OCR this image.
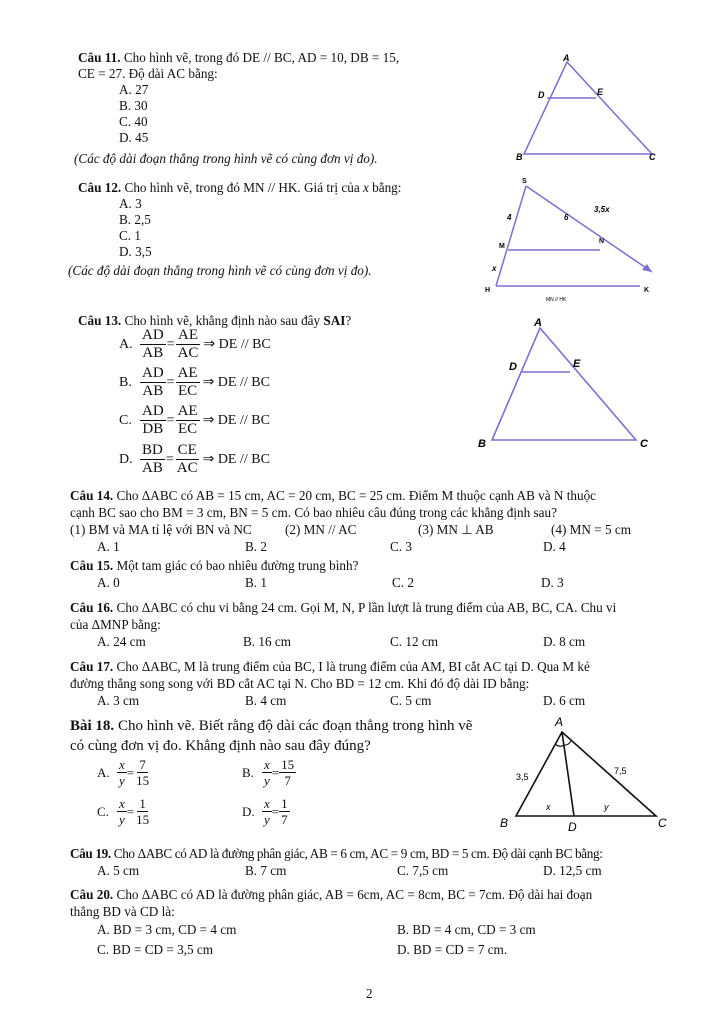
Câu 11. Cho hình vẽ, trong đó DE // BC, AD = 10, DB = 15,
CE = 27. Độ dài AC bằng:
A. 27
B. 30
C. 40
D. 45
(Các độ dài đoạn thẳng trong hình vẽ có cùng đơn vị đo).
A
D	E
B	C
Câu 12. Cho hình vẽ, trong đó MN // HK. Giá trị của x bằng:
A. 3
B. 2,5
C. 1
D. 3,5
(Các độ dài đoạn thẳng trong hình vẽ có cùng đơn vị đo).
S
4	6
3,5x
M
N
x
H	K
MN // HK
Câu 13. Cho hình vẽ, khẳng định nào sau đây SAI?
A. $\frac{AD}{AB} = \frac{AE}{AC}$ ⇒ DE // BC
B. $\frac{AD}{AB} = \frac{AE}{EC}$ ⇒ DE // BC
C. $\frac{AD}{DB} = \frac{AE}{EC}$ ⇒ DE // BC
D. $\frac{BD}{AB} = \frac{CE}{AC}$ ⇒ DE // BC
A
D	E
B	C
Câu 14. Cho ΔABC có AB = 15 cm, AC = 20 cm, BC = 25 cm. Điểm M thuộc cạnh AB và N thuộc
cạnh BC sao cho BM = 3 cm, BN = 5 cm. Có bao nhiêu câu đúng trong các khẳng định sau?
(1) BM và MA tỉ lệ với BN và NC	(2) MN // AC	(3) MN ⊥ AB	(4) MN = 5 cm
A. 1	B. 2	C. 3	D. 4
Câu 15. Một tam giác có bao nhiêu đường trung bình?
A. 0	B. 1	C. 2	D. 3
Câu 16. Cho ΔABC có chu vi bằng 24 cm. Gọi M, N, P lần lượt là trung điểm của AB, BC, CA. Chu vi
của ΔMNP bằng:
A. 24 cm	B. 16 cm	C. 12 cm	D. 8 cm
Câu 17. Cho ΔABC, M là trung điểm của BC, I là trung điểm của AM, BI cắt AC tại D. Qua M kẻ
đường thẳng song song với BD cắt AC tại N. Cho BD = 12 cm. Khi đó độ dài ID bằng:
A. 3 cm	B. 4 cm	C. 5 cm	D. 6 cm
Bài 18. Cho hình vẽ. Biết rằng độ dài các đoạn thẳng trong hình vẽ
có cùng đơn vị đo. Khẳng định nào sau đây đúng?
A. $\frac{x}{y} = \frac{7}{15}$	B. $\frac{x}{y} = \frac{15}{7}$
C. $\frac{x}{y} = \frac{1}{15}$	D. $\frac{x}{y} = \frac{1}{7}$
A
3,5
7,5
x	y
B	D	C
Câu 19. Cho ΔABC có AD là đường phân giác, AB = 6 cm, AC = 9 cm, BD = 5 cm. Độ dài cạnh BC bằng:
A. 5 cm	B. 7 cm	C. 7,5 cm	D. 12,5 cm
Câu 20. Cho ΔABC có AD là đường phân giác, AB = 6cm, AC = 8cm, BC = 7cm. Độ dài hai đoạn
thẳng BD và CD là:
A. BD = 3 cm, CD = 4 cm	B. BD = 4 cm, CD = 3 cm
C. BD = CD = 3,5 cm	D. BD = CD = 7 cm.
2
